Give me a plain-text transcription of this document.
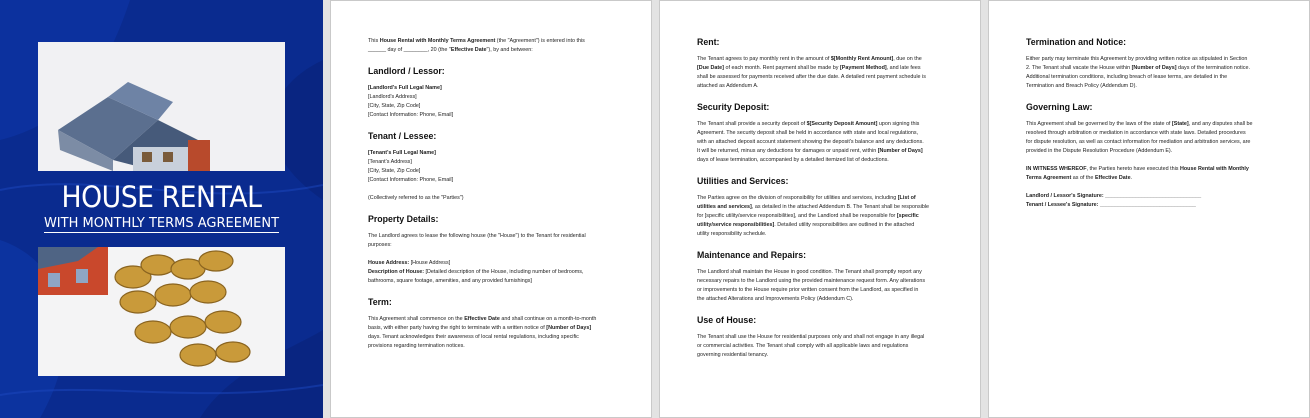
HOUSE RENTAL
WITH MONTHLY TERMS AGREEMENT

This House Rental with Monthly Terms Agreement (the "Agreement") is entered into this

______ day of ________, 20 (the "Effective Date"), by and between:

Landlord / Lessor:

[Landlord's Full Legal Name]

[Landlord's Address]

[City, State, Zip Code]

[Contact Information: Phone, Email]

Tenant / Lessee:

[Tenant's Full Legal Name]

[Tenant's Address]

[City, State, Zip Code]

[Contact Information: Phone, Email]

(Collectively referred to as the "Parties")

Property Details:

The Landlord agrees to lease the following house (the "House") to the Tenant for residential

purposes:

House Address: [House Address]

Description of House: [Detailed description of the House, including number of bedrooms,

bathrooms, square footage, amenities, and any provided furnishings]

Term:

This Agreement shall commence on the Effective Date and shall continue on a month-to-month

basis, with either party having the right to terminate with a written notice of [Number of Days]

days. Tenant acknowledges their awareness of local rental regulations, including specific

provisions regarding termination notices.

Rent:

The Tenant agrees to pay monthly rent in the amount of $[Monthly Rent Amount], due on the

[Due Date] of each month. Rent payment shall be made by [Payment Method], and late fees

shall be assessed for payments received after the due date. A detailed rent payment schedule is

attached as Addendum A.

Security Deposit:

The Tenant shall provide a security deposit of $[Security Deposit Amount] upon signing this

Agreement. The security deposit shall be held in accordance with state and local regulations,

with an attached deposit account statement showing the deposit's balance and any deductions.

It will be returned, minus any deductions for damages or unpaid rent, within [Number of Days]

days of lease termination, accompanied by a detailed itemized list of deductions.

Utilities and Services:

The Parties agree on the division of responsibility for utilities and services, including [List of

utilities and services], as detailed in the attached Addendum B. The Tenant shall be responsible

for [specific utility/service responsibilities], and the Landlord shall be responsible for [specific

utility/service responsibilities]. Detailed utility responsibilities are outlined in the attached

utility responsibility schedule.

Maintenance and Repairs:

The Landlord shall maintain the House in good condition. The Tenant shall promptly report any

necessary repairs to the Landlord using the provided maintenance request form. Any alterations

or improvements to the House require prior written consent from the Landlord, as specified in

the attached Alterations and Improvements Policy (Addendum C).

Use of House:

The Tenant shall use the House for residential purposes only and shall not engage in any illegal

or commercial activities. The Tenant shall comply with all applicable laws and regulations

governing residential tenancy.

Termination and Notice:

Either party may terminate this Agreement by providing written notice as stipulated in Section

2. The Tenant shall vacate the House within [Number of Days] days of the termination notice.

Additional termination conditions, including breach of lease terms, are detailed in the

Termination and Breach Policy (Addendum D).

Governing Law:

This Agreement shall be governed by the laws of the state of [State], and any disputes shall be

resolved through arbitration or mediation in accordance with state laws. Detailed procedures

for dispute resolution, as well as contact information for mediation and arbitration services, are

provided in the Dispute Resolution Procedure (Addendum E).

IN WITNESS WHEREOF, the Parties hereto have executed this House Rental with Monthly

Terms Agreement as of the Effective Date.

Landlord / Lessor's Signature: ________________________________

Tenant / Lessee's Signature: ________________________________
